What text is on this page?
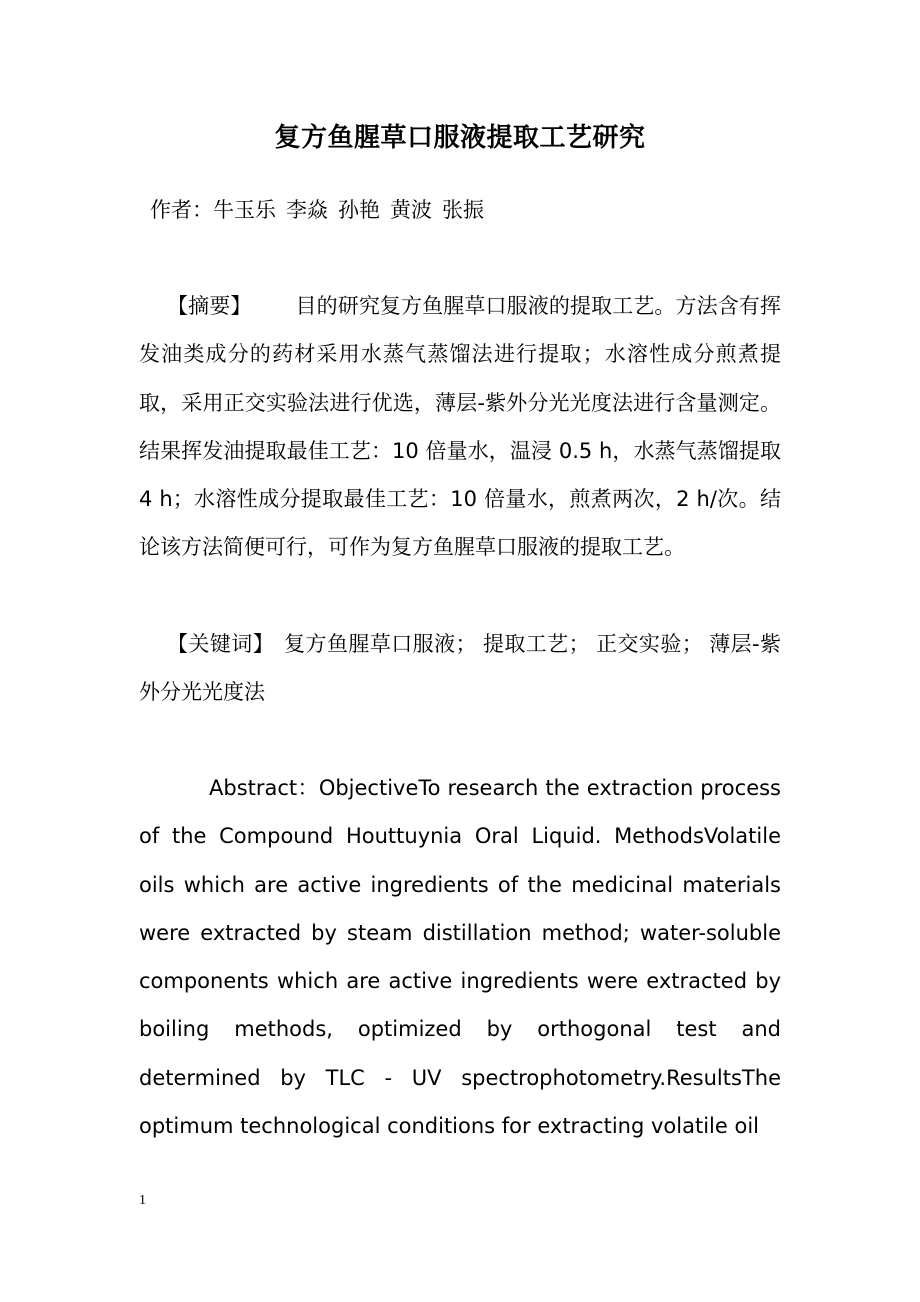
复方鱼腥草口服液提取工艺研究
作者：牛玉乐 李焱 孙艳 黄波 张振
【摘要】 目的研究复方鱼腥草口服液的提取工艺。方法含有挥发油类成分的药材采用水蒸气蒸馏法进行提取；水溶性成分煎煮提取，采用正交实验法进行优选，薄层-紫外分光光度法进行含量测定。结果挥发油提取最佳工艺：10 倍量水，温浸 0.5 h，水蒸气蒸馏提取 4 h；水溶性成分提取最佳工艺：10 倍量水，煎煮两次，2 h/次。结论该方法简便可行，可作为复方鱼腥草口服液的提取工艺。
【关键词】 复方鱼腥草口服液； 提取工艺； 正交实验； 薄层-紫外分光光度法
Abstract：ObjectiveTo research the extraction process of the Compound Houttuynia Oral Liquid. MethodsVolatile oils which are active ingredients of the medicinal materials were extracted by steam distillation method; water-soluble components which are active ingredients were extracted by boiling methods, optimized by orthogonal test and determined by TLC - UV spectrophotometry.ResultsThe optimum technological conditions for extracting volatile oil
1
